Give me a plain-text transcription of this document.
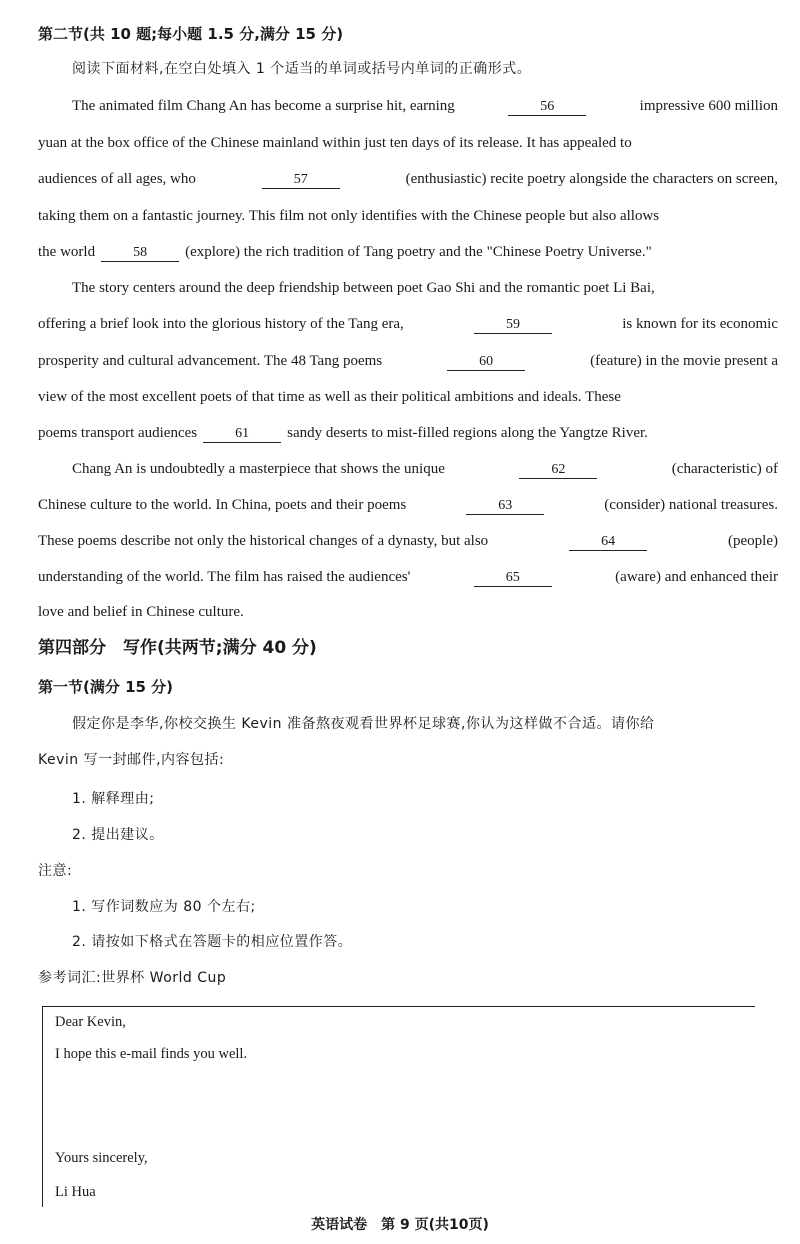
第二节(共 10 题;每小题 1.5 分,满分 15 分)
阅读下面材料,在空白处填入 1 个适当的单词或括号内单词的正确形式。
The animated film Chang An has become a surprise hit, earning	56	impressive 600 million
yuan at the box office of the Chinese mainland within just ten days of its release. It has appealed to
audiences of all ages, who	57	(enthusiastic) recite poetry alongside the characters on screen,
taking them on a fantastic journey. This film not only identifies with the Chinese people but also allows
the world	58	(explore) the rich tradition of Tang poetry and the "Chinese Poetry Universe."
The story centers around the deep friendship between poet Gao Shi and the romantic poet Li Bai,
offering a brief look into the glorious history of the Tang era,	59	is known for its economic
prosperity and cultural advancement. The 48 Tang poems	60	(feature) in the movie present a
view of the most excellent poets of that time as well as their political ambitions and ideals. These
poems transport audiences	61	sandy deserts to mist-filled regions along the Yangtze River.
Chang An is undoubtedly a masterpiece that shows the unique	62	(characteristic) of
Chinese culture to the world. In China, poets and their poems	63	(consider) national treasures.
These poems describe not only the historical changes of a dynasty, but also	64	(people)
understanding of the world. The film has raised the audiences'	65	(aware) and enhanced their
love and belief in Chinese culture.
第四部分　写作(共两节;满分 40 分)
第一节(满分 15 分)
假定你是李华,你校交换生 Kevin 准备熬夜观看世界杯足球赛,你认为这样做不合适。请你给
Kevin 写一封邮件,内容包括:
1. 解释理由;
2. 提出建议。
注意:
1. 写作词数应为 80 个左右;
2. 请按如下格式在答题卡的相应位置作答。
参考词汇:世界杯 World Cup
Dear Kevin,
I hope this e-mail finds you well.
Yours sincerely,
Li Hua
英语试卷　第 9 页(共10页)
